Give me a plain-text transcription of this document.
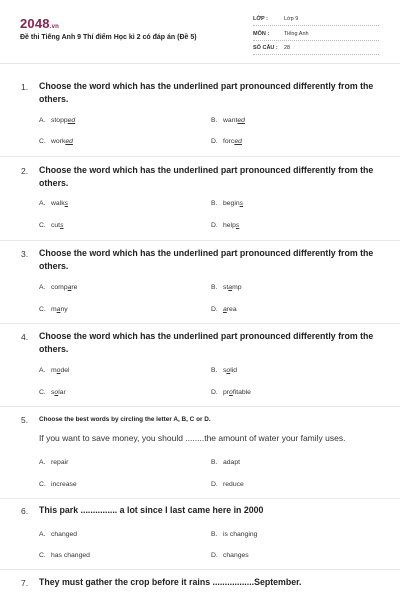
2048.vn
Đề thi Tiếng Anh 9 Thí điểm Học kì 2 có đáp án (Đề 5)
LỚP :	Lớp 9
MÔN :	Tiếng Anh
SỐ CÂU : 28
1. Choose the word which has the underlined part pronounced differently from the others.
A. stopped	B. wanted
C. worked	D. forced
2. Choose the word which has the underlined part pronounced differently from the others.
A. walks	B. begins
C. cuts	D. helps
3. Choose the word which has the underlined part pronounced differently from the others.
A. compare	B. stamp
C. many	D. area
4. Choose the word which has the underlined part pronounced differently from the others.
A. model	B. solid
C. solar	D. profitable
5. Choose the best words by circling the letter A, B, C or D.
If you want to save money, you should ........the amount of water your family uses.
A. repair	B. adapt
C. increase	D. reduce
6. This park ............... a lot since I last came here in 2000
A. changed	B. is changing
C. has changed	D. changes
7. They must gather the crop before it rains .................September.
